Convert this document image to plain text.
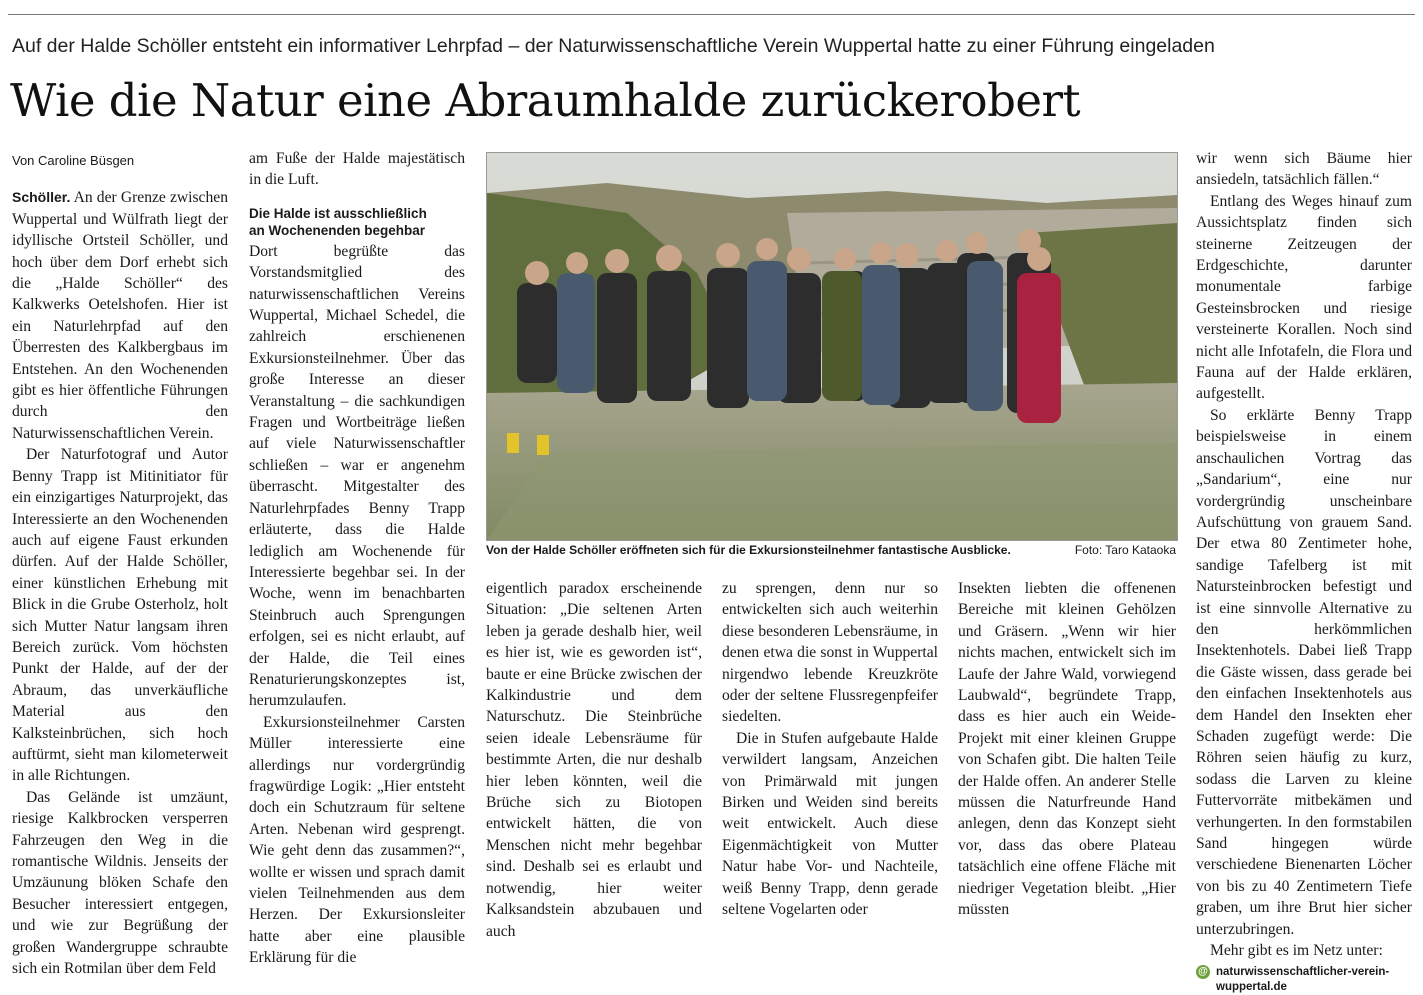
Auf der Halde Schöller entsteht ein informativer Lehrpfad – der Naturwissenschaftliche Verein Wuppertal hatte zu einer Führung eingeladen
Wie die Natur eine Abraumhalde zurückerobert
Von Caroline Büsgen

Schöller. An der Grenze zwischen Wuppertal und Wülfrath liegt der idyllische Ortsteil Schöller, und hoch über dem Dorf erhebt sich die „Halde Schöller“ des Kalkwerks Oetelshofen. Hier ist ein Naturlehrpfad auf den Überresten des Kalkbergbaus im Entstehen. An den Wochenenden gibt es hier öffentliche Führungen durch den Naturwissenschaftlichen Verein.

Der Naturfotograf und Autor Benny Trapp ist Mitinitiator für ein einzigartiges Naturprojekt, das Interessierte an den Wochenenden auch auf eigene Faust erkunden dürfen. Auf der Halde Schöller, einer künstlichen Erhebung mit Blick in die Grube Osterholz, holt sich Mutter Natur langsam ihren Bereich zurück. Vom höchsten Punkt der Halde, auf der der Abraum, das unverkäufliche Material aus den Kalksteinbrüchen, sich hoch auftürmt, sieht man kilometerweit in alle Richtungen.

Das Gelände ist umzäunt, riesige Kalkbrocken versperren Fahrzeugen den Weg in die romantische Wildnis. Jenseits der Umzäunung blöken Schafe den Besucher interessiert entgegen, und wie zur Begrüßung der großen Wandergruppe schraubte sich ein Rotmilan über dem Feld

am Fuße der Halde majestätisch in die Luft.

Die Halde ist ausschließlich
an Wochenenden begehbar

Dort begrüßte das Vorstandsmitglied des naturwissenschaftlichen Vereins Wuppertal, Michael Schedel, die zahlreich erschienenen Exkursionsteilnehmer. Über das große Interesse an dieser Veranstaltung – die sachkundigen Fragen und Wortbeiträge ließen auf viele Naturwissenschaftler schließen – war er angenehm überrascht. Mitgestalter des Naturlehrpfades Benny Trapp erläuterte, dass die Halde lediglich am Wochenende für Interessierte begehbar sei. In der Woche, wenn im benachbarten Steinbruch auch Sprengungen erfolgen, sei es nicht erlaubt, auf der Halde, die Teil eines Renaturierungskonzeptes ist, herumzulaufen.

Exkursionsteilnehmer Carsten Müller interessierte eine allerdings nur vordergründig fragwürdige Logik: „Hier entsteht doch ein Schutzraum für seltene Arten. Nebenan wird gesprengt. Wie geht denn das zusammen?“, wollte er wissen und sprach damit vielen Teilnehmenden aus dem Herzen. Der Exkursionsleiter hatte aber eine plausible Erklärung für die

Von der Halde Schöller eröffneten sich für die Exkursionsteilnehmer fantastische Ausblicke.	Foto: Taro Kataoka

eigentlich paradox erscheinende Situation: „Die seltenen Arten leben ja gerade deshalb hier, weil es hier ist, wie es geworden ist“, baute er eine Brücke zwischen der Kalkindustrie und dem Naturschutz. Die Steinbrüche seien ideale Lebensräume für bestimmte Arten, die nur deshalb hier leben könnten, weil die Brüche sich zu Biotopen entwickelt hätten, die von Menschen nicht mehr begehbar sind. Deshalb sei es erlaubt und notwendig, hier weiter Kalksandstein abzubauen und auch

zu sprengen, denn nur so entwickelten sich auch weiterhin diese besonderen Lebensräume, in denen etwa die sonst in Wuppertal nirgendwo lebende Kreuzkröte oder der seltene Flussregenpfeifer siedelten.

Die in Stufen aufgebaute Halde verwildert langsam, Anzeichen von Primärwald mit jungen Birken und Weiden sind bereits weit entwickelt. Auch diese Eigenmächtigkeit von Mutter Natur habe Vor- und Nachteile, weiß Benny Trapp, denn gerade seltene Vogelarten oder

Insekten liebten die offenenen Bereiche mit kleinen Gehölzen und Gräsern. „Wenn wir hier nichts machen, entwickelt sich im Laufe der Jahre Wald, vorwiegend Laubwald“, begründete Trapp, dass es hier auch ein Weide-Projekt mit einer kleinen Gruppe von Schafen gibt. Die halten Teile der Halde offen. An anderer Stelle müssen die Naturfreunde Hand anlegen, denn das Konzept sieht vor, dass das obere Plateau tatsächlich eine offene Fläche mit niedriger Vegetation bleibt. „Hier müssten

wir wenn sich Bäume hier ansiedeln, tatsächlich fällen.“

Entlang des Weges hinauf zum Aussichtsplatz finden sich steinerne Zeitzeugen der Erdgeschichte, darunter monumentale farbige Gesteinsbrocken und riesige versteinerte Korallen. Noch sind nicht alle Infotafeln, die Flora und Fauna auf der Halde erklären, aufgestellt.

So erklärte Benny Trapp beispielsweise in einem anschaulichen Vortrag das „Sandarium“, eine nur vordergründig unscheinbare Aufschüttung von grauem Sand. Der etwa 80 Zentimeter hohe, sandige Tafelberg ist mit Natursteinbrocken befestigt und ist eine sinnvolle Alternative zu den herkömmlichen Insektenhotels. Dabei ließ Trapp die Gäste wissen, dass gerade bei den einfachen Insektenhotels aus dem Handel den Insekten eher Schaden zugefügt werde: Die Röhren seien häufig zu kurz, sodass die Larven zu kleine Futtervorräte mitbekämen und verhungerten. In den formstabilen Sand hingegen würde verschiedene Bienenarten Löcher von bis zu 40 Zentimetern Tiefe graben, um ihre Brut hier sicher unterzubringen.

Mehr gibt es im Netz unter:
@ naturwissenschaftlicher-verein-
wuppertal.de
